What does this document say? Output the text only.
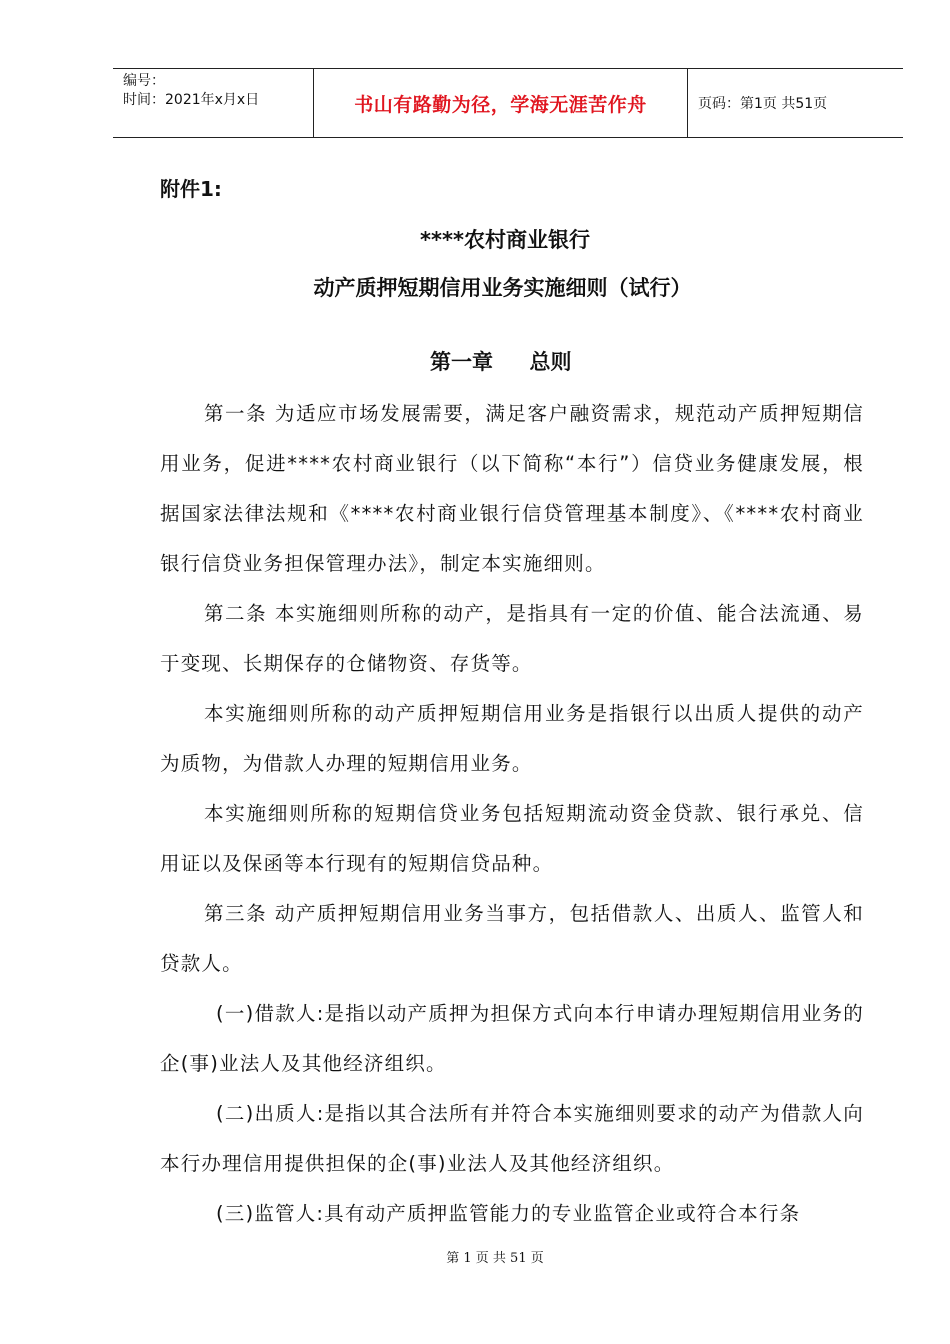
编号：
时间：2021年x月x日	书山有路勤为径，学海无涯苦作舟	页码：第1页 共51页
附件1:
****农村商业银行
动产质押短期信用业务实施细则（试行）
第一章     总则

第一条 为适应市场发展需要，满足客户融资需求，规范动产质押短期信用业务，促进****农村商业银行（以下简称“本行”）信贷业务健康发展，根据国家法律法规和《****农村商业银行信贷管理基本制度》、《****农村商业银行信贷业务担保管理办法》，制定本实施细则。

第二条 本实施细则所称的动产，是指具有一定的价值、能合法流通、易于变现、长期保存的仓储物资、存货等。

本实施细则所称的动产质押短期信用业务是指银行以出质人提供的动产为质物，为借款人办理的短期信用业务。

本实施细则所称的短期信贷业务包括短期流动资金贷款、银行承兑、信用证以及保函等本行现有的短期信贷品种。

第三条 动产质押短期信用业务当事方，包括借款人、出质人、监管人和贷款人。

(一)借款人:是指以动产质押为担保方式向本行申请办理短期信用业务的企(事)业法人及其他经济组织。

(二)出质人:是指以其合法所有并符合本实施细则要求的动产为借款人向本行办理信用提供担保的企(事)业法人及其他经济组织。

(三)监管人:具有动产质押监管能力的专业监管企业或符合本行条

第 1 页 共 51 页
